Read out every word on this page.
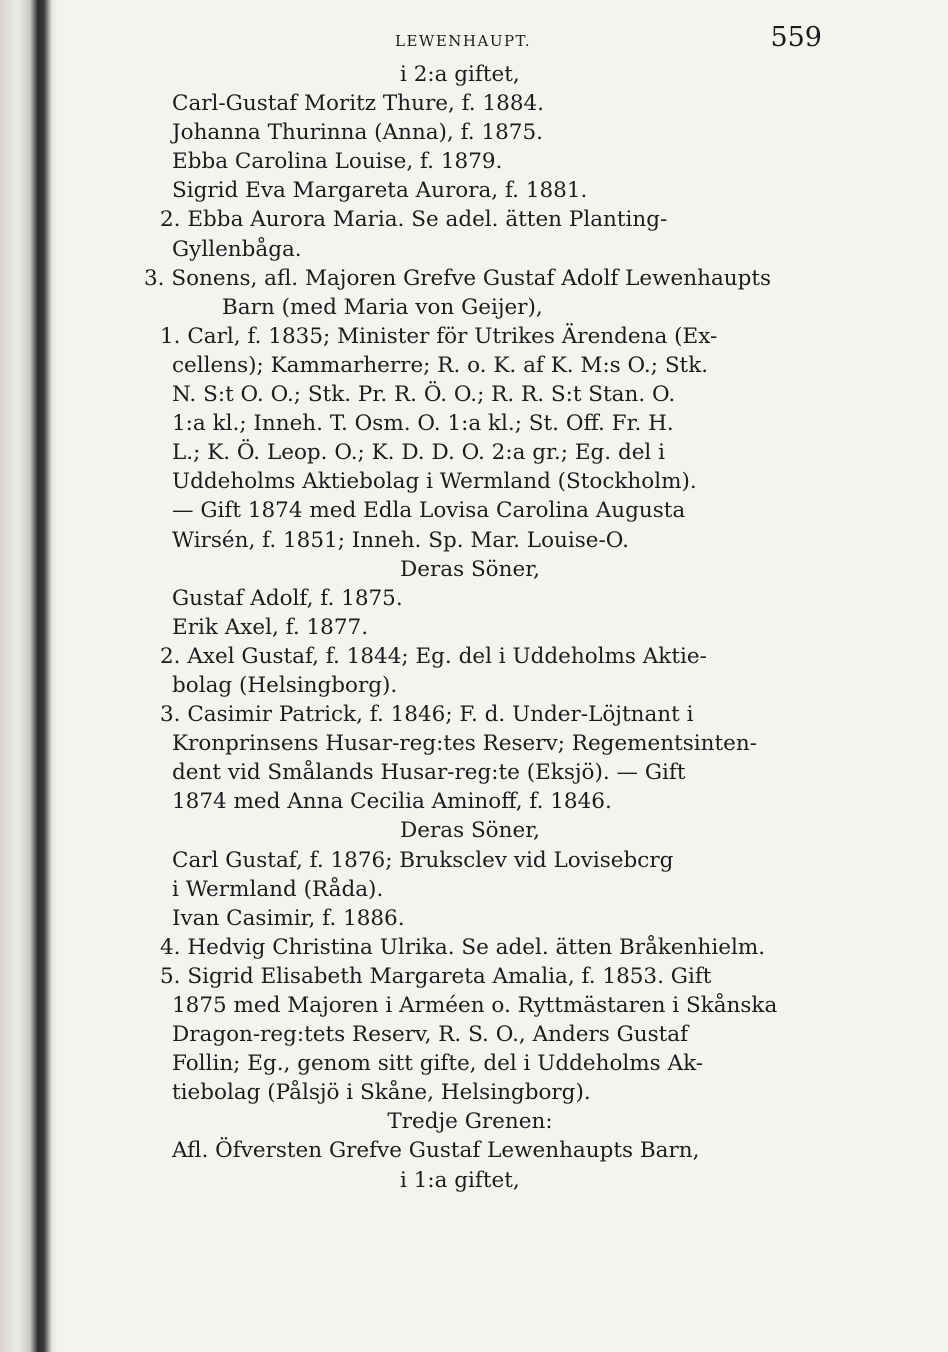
LEWENHAUPT.	559
i 2:a giftet,
Carl-Gustaf Moritz Thure, f. 1884.
Johanna Thurinna (Anna), f. 1875.
Ebba Carolina Louise, f. 1879.
Sigrid Eva Margareta Aurora, f. 1881.
2. Ebba Aurora Maria. Se adel. ätten Planting-
Gyllenbåga.
3. Sonens, afl. Majoren Grefve Gustaf Adolf Lewenhaupts
Barn (med Maria von Geijer),
1. Carl, f. 1835; Minister för Utrikes Ärendena (Ex-
cellens); Kammarherre; R. o. K. af K. M:s O.; Stk.
N. S:t O. O.; Stk. Pr. R. Ö. O.; R. R. S:t Stan. O.
1:a kl.; Inneh. T. Osm. O. 1:a kl.; St. Off. Fr. H.
L.; K. Ö. Leop. O.; K. D. D. O. 2:a gr.; Eg. del i
Uddeholms Aktiebolag i Wermland (Stockholm).
— Gift 1874 med Edla Lovisa Carolina Augusta
Wirsén, f. 1851; Inneh. Sp. Mar. Louise-O.
Deras Söner,
Gustaf Adolf, f. 1875.
Erik Axel, f. 1877.
2. Axel Gustaf, f. 1844; Eg. del i Uddeholms Aktie-
bolag (Helsingborg).
3. Casimir Patrick, f. 1846; F. d. Under-Löjtnant i
Kronprinsens Husar-reg:tes Reserv; Regementsinten-
dent vid Smålands Husar-reg:te (Eksjö). — Gift
1874 med Anna Cecilia Aminoff, f. 1846.
Deras Söner,
Carl Gustaf, f. 1876; Bruksclev vid Lovisebcrg
i Wermland (Råda).
Ivan Casimir, f. 1886.
4. Hedvig Christina Ulrika. Se adel. ätten Bråkenhielm.
5. Sigrid Elisabeth Margareta Amalia, f. 1853. Gift
1875 med Majoren i Arméen o. Ryttmästaren i Skånska
Dragon-reg:tets Reserv, R. S. O., Anders Gustaf
Follin; Eg., genom sitt gifte, del i Uddeholms Ak-
tiebolag (Pålsjö i Skåne, Helsingborg).
Tredje Grenen:
Afl. Öfversten Grefve Gustaf Lewenhaupts Barn,
i 1:a giftet,
